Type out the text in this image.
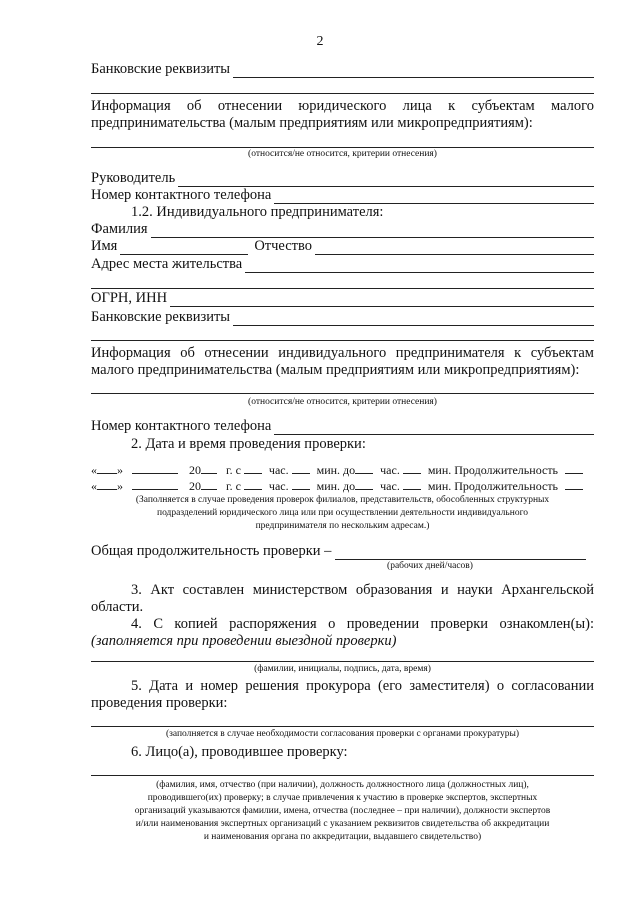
2
Банковские реквизиты
Информация об отнесении юридического лица к субъектам малого
предпринимательства (малым предприятиям или микропредприятиям):
(относится/не относится, критерии отнесения)
Руководитель
Номер контактного телефона
1.2. Индивидуального предпринимателя:
Фамилия
Имя	Отчество
Адрес места жительства
ОГРН, ИНН
Банковские реквизиты
Информация об отнесении индивидуального предпринимателя к субъектам
малого предпринимательства (малым предприятиям или микропредприятиям):
(относится/не относится, критерии отнесения)
Номер контактного телефона
2. Дата и время проведения проверки:
« »	20 г. с час. мин. до час. мин. Продолжительность
« »	20 г. с час. мин. до час. мин. Продолжительность
(Заполняется в случае проведения проверок филиалов, представительств, обособленных структурных
подразделений юридического лица или при осуществлении деятельности индивидуального
предпринимателя по нескольким адресам.)
Общая продолжительность проверки –
(рабочих дней/часов)
3. Акт составлен министерством образования и науки Архангельской
области.
4. С копией распоряжения о проведении проверки ознакомлен(ы):
(заполняется при проведении выездной проверки)
(фамилии, инициалы, подпись, дата, время)
5. Дата и номер решения прокурора (его заместителя) о согласовании
проведения проверки:
(заполняется в случае необходимости согласования проверки с органами прокуратуры)
6. Лицо(а), проводившее проверку:
(фамилия, имя, отчество (при наличии), должность должностного лица (должностных лиц),
проводившего(их) проверку; в случае привлечения к участию в проверке экспертов, экспертных
организаций указываются фамилии, имена, отчества (последнее – при наличии), должности экспертов
и/или наименования экспертных организаций с указанием реквизитов свидетельства об аккредитации
и наименования органа по аккредитации, выдавшего свидетельство)
